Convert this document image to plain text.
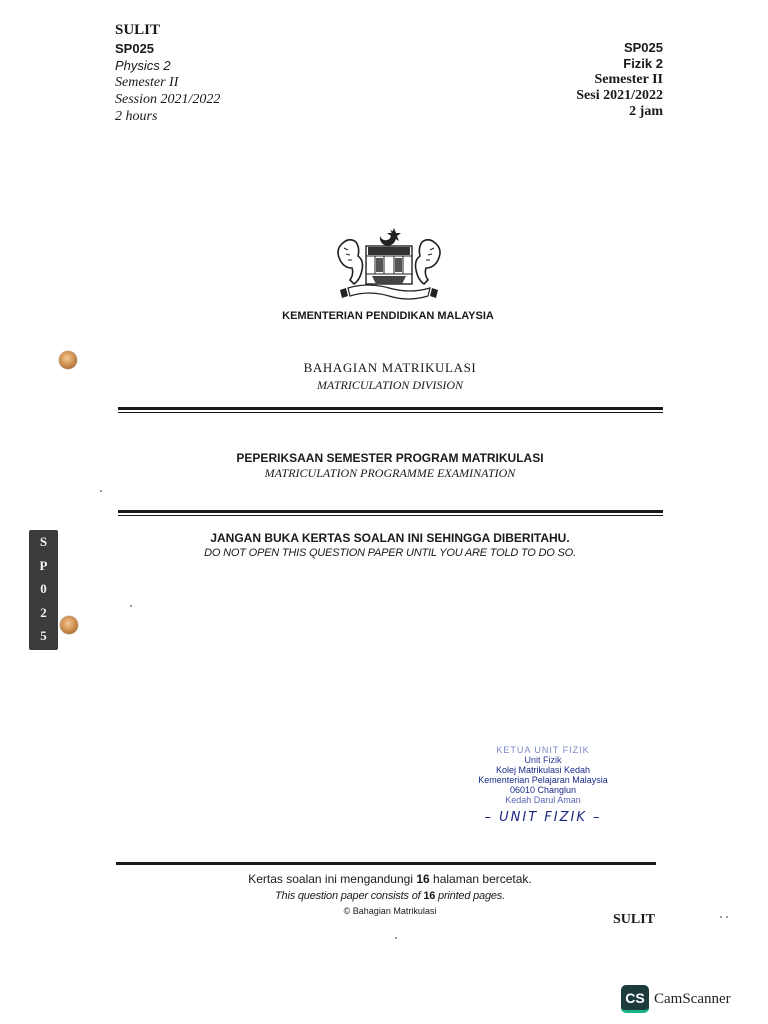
SULIT
SP025
Physics 2
Semester II
Session 2021/2022
2 hours
SP025
Fizik 2
Semester II
Sesi 2021/2022
2 jam
KEMENTERIAN PENDIDIKAN MALAYSIA
BAHAGIAN MATRIKULASI
MATRICULATION DIVISION
PEPERIKSAAN SEMESTER PROGRAM MATRIKULASI
MATRICULATION PROGRAMME EXAMINATION
JANGAN BUKA KERTAS SOALAN INI SEHINGGA DIBERITAHU.
DO NOT OPEN THIS QUESTION PAPER UNTIL YOU ARE TOLD TO DO SO.
S
P
0
2
5
KETUA UNIT FIZIK
Unit Fizik
Kolej Matrikulasi Kedah
Kementerian Pelajaran Malaysia
06010 Changlun
Kedah Darul Aman
– UNIT FIZIK –
Kertas soalan ini mengandungi 16 halaman bercetak.
This question paper consists of 16 printed pages.
© Bahagian Matrikulasi
SULIT
CS CamScanner
